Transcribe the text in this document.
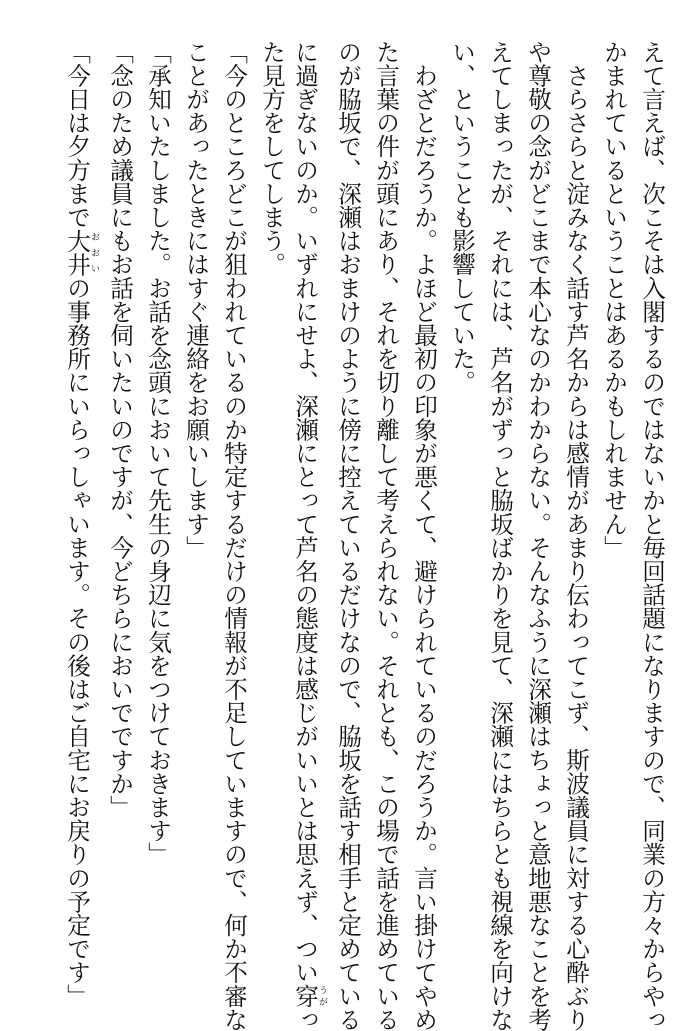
えて言えば、次こそは入閣するのではないかと毎回話題になりますので、同業の方々からやっ
かまれているということはあるかもしれません」
　さらさらと淀みなく話す芦名からは感情があまり伝わってこず、斯波議員に対する心酔ぶり
や尊敬の念がどこまで本心なのかわからない。そんなふうに深瀬はちょっと意地悪なことを考
えてしまったが、それには、芦名がずっと脇坂ばかりを見て、深瀬にはちらとも視線を向けな
い、ということも影響していた。
　わざとだろうか。よほど最初の印象が悪くて、避けられているのだろうか。言い掛けてやめ
た言葉の件が頭にあり、それを切り離して考えられない。それとも、この場で話を進めている
のが脇坂で、深瀬はおまけのように傍に控えているだけなので、脇坂を話す相手と定めている
に過ぎないのか。いずれにせよ、深瀬にとって芦名の態度は感じがいいとは思えず、つい穿うがっ
た見方をしてしまう。
「今のところどこが狙われているのか特定するだけの情報が不足していますので、何か不審な
ことがあったときにはすぐ連絡をお願いします」
「承知いたしました。お話を念頭において先生の身辺に気をつけておきます」
「念のため議員にもお話を伺いたいのですが、今どちらにおいでですか」
「今日は夕方まで大井おおいの事務所にいらっしゃいます。その後はご自宅にお戻りの予定です」
